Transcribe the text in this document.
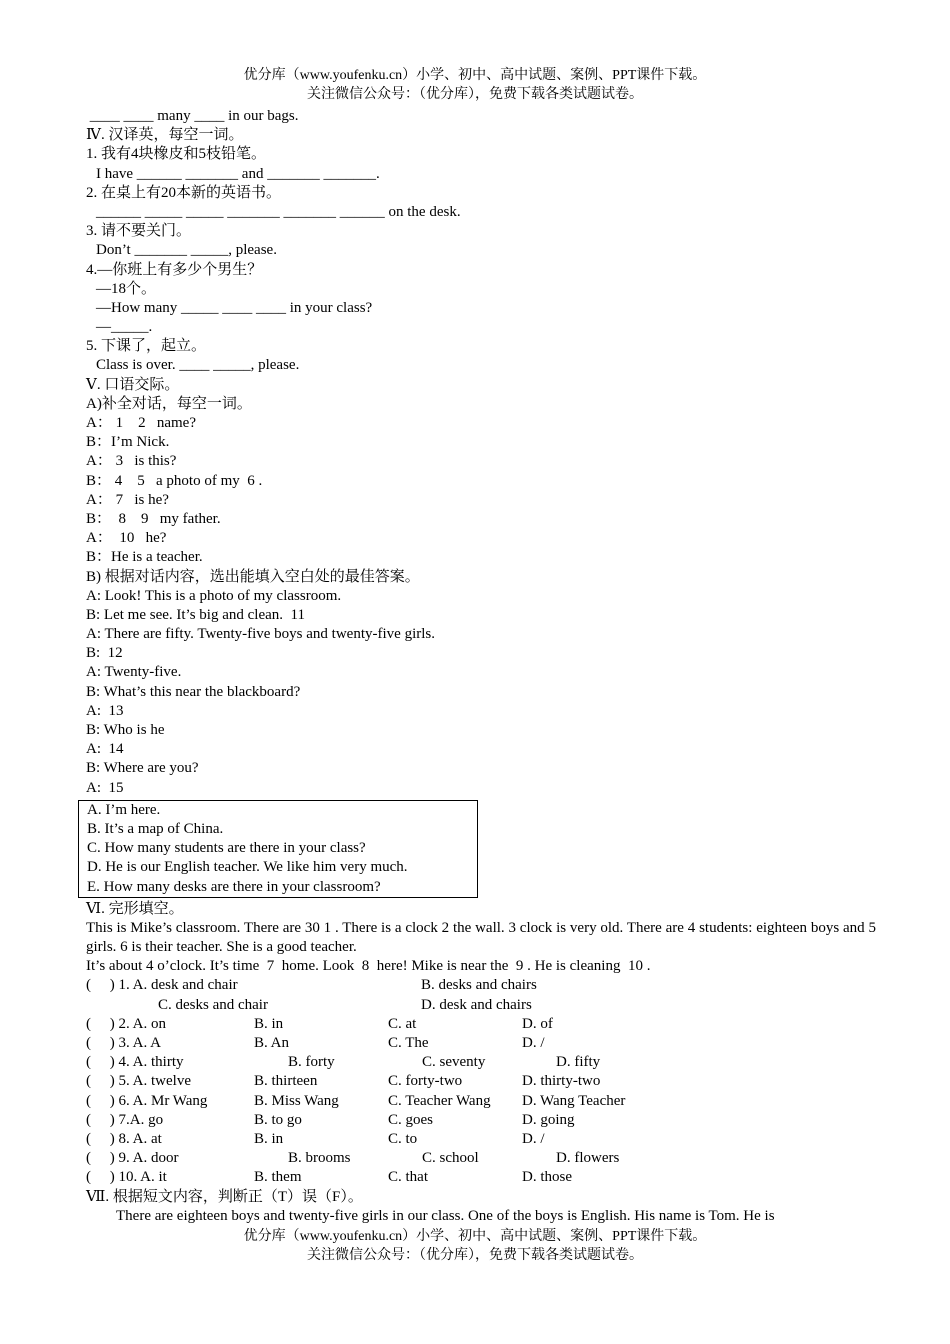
优分库（www.youfenku.cn）小学、初中、高中试题、案例、PPT课件下载。
关注微信公众号：（优分库），免费下载各类试题试卷。
____ ____ many ____ in our bags.
Ⅳ. 汉译英，每空一词。
1. 我有4块橡皮和5枝铅笔。
I have ______ _______ and _______ _______.
2. 在桌上有20本新的英语书。
______ _____ _____ _______ _______ ______ on the desk.
3. 请不要关门。
Don’t _______ _____, please.
4.—你班上有多少个男生？
—18个。
—How many _____ ____ ____ in your class?
—_____.
5. 下课了，起立。
Class is over. ____ _____, please.
Ⅴ. 口语交际。
A)补全对话，每空一词。
A： 1    2   name?
B：I’m Nick.
A： 3   is this?
B： 4    5   a photo of my  6 .
A： 7   is he?
B：  8    9   my father.
A：  10   he?
B：He is a teacher.
B) 根据对话内容，选出能填入空白处的最佳答案。
A: Look! This is a photo of my classroom.
B: Let me see. It’s big and clean.  11
A: There are fifty. Twenty-five boys and twenty-five girls.
B:  12
A: Twenty-five.
B: What’s this near the blackboard?
A:  13
B: Who is he
A:  14
B: Where are you?
A:  15
A. I’m here.
B. It’s a map of China.
C. How many students are there in your class?
D. He is our English teacher. We like him very much.
E. How many desks are there in your classroom?
Ⅵ. 完形填空。
This is Mike’s classroom. There are 30 1 . There is a clock 2 the wall. 3 clock is very old. There are 4 students: eighteen boys and 5 girls. 6 is their teacher. She is a good teacher.
It’s about 4 o’clock. It’s time  7  home. Look  8  here! Mike is near the  9 . He is cleaning  10 .
(     ) 1. A. desk and chair	B. desks and chairs
C. desks and chair	D. desk and chairs
(     ) 2. A. on	B. in	C. at	D. of
(     ) 3. A. A	B. An	C. The	D. /
(     ) 4. A. thirty	B. forty	C. seventy	D. fifty
(     ) 5. A. twelve	B. thirteen	C. forty-two	D. thirty-two
(     ) 6. A. Mr Wang	B. Miss Wang	C. Teacher Wang	D. Wang Teacher
(     ) 7.A. go	B. to go	C. goes	D. going
(     ) 8. A. at	B. in	C. to	D. /
(     ) 9. A. door	B. brooms	C. school	D. flowers
(     ) 10. A. it	B. them	C. that	D. those
Ⅶ. 根据短文内容，判断正（T）误（F）。
There are eighteen boys and twenty-five girls in our class. One of the boys is English. His name is Tom. He is
优分库（www.youfenku.cn）小学、初中、高中试题、案例、PPT课件下载。
关注微信公众号：（优分库），免费下载各类试题试卷。
